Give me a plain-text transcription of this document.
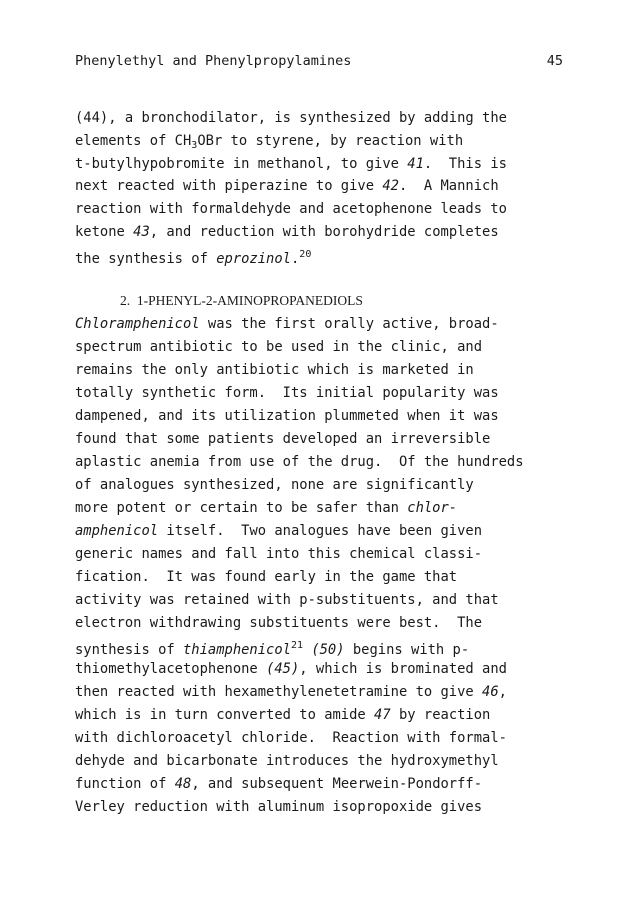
Phenylethyl and Phenylpropylamines	45
(44), a bronchodilator, is synthesized by adding the
elements of $CH_3OBr$ to styrene, by reaction with
t-butylhypobromite in methanol, to give 41.  This is
next reacted with piperazine to give 42.  A Mannich
reaction with formaldehyde and acetophenone leads to
ketone 43, and reduction with borohydride completes
the synthesis of eprozinol.$^{20}$
2.  1-PHENYL-2-AMINOPROPANEDIOLS
Chloramphenicol was the first orally active, broad-
spectrum antibiotic to be used in the clinic, and
remains the only antibiotic which is marketed in
totally synthetic form.  Its initial popularity was
dampened, and its utilization plummeted when it was
found that some patients developed an irreversible
aplastic anemia from use of the drug.  Of the hundreds
of analogues synthesized, none are significantly
more potent or certain to be safer than chlor-
amphenicol itself.  Two analogues have been given
generic names and fall into this chemical classi-
fication.  It was found early in the game that
activity was retained with p-substituents, and that
electron withdrawing substituents were best.  The
synthesis of thiamphenicol$^{21}$ (50) begins with p-
thiomethylacetophenone (45), which is brominated and
then reacted with hexamethylenetetramine to give 46,
which is in turn converted to amide 47 by reaction
with dichloroacetyl chloride.  Reaction with formal-
dehyde and bicarbonate introduces the hydroxymethyl
function of 48, and subsequent Meerwein-Pondorff-
Verley reduction with aluminum isopropoxide gives
